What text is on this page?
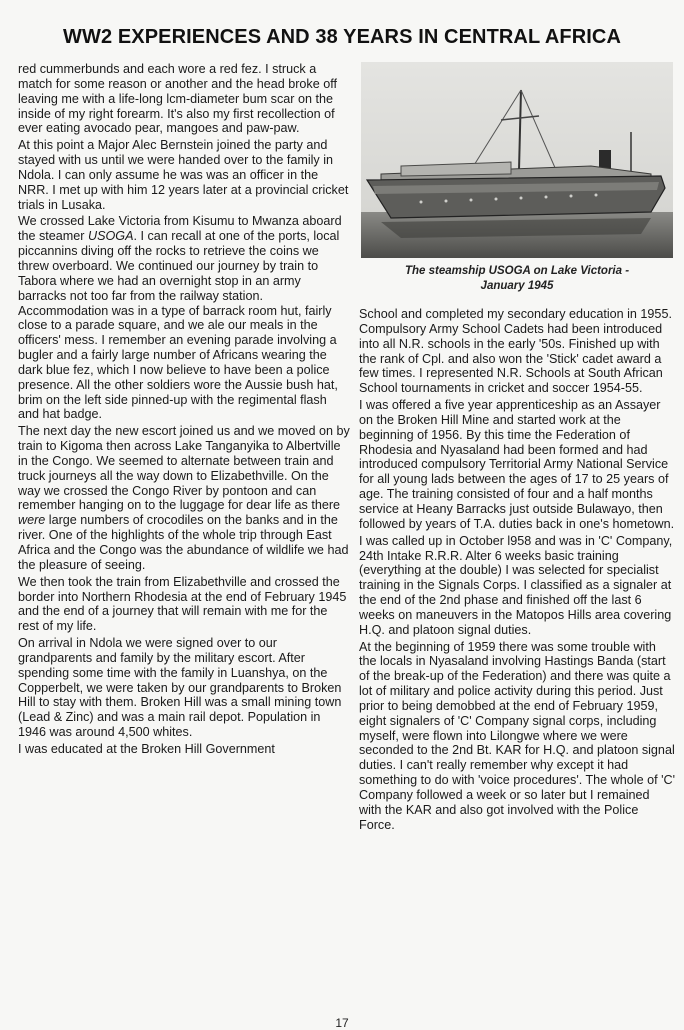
WW2 EXPERIENCES AND 38 YEARS IN CENTRAL AFRICA

red cummerbunds and each wore a red fez. I struck a match for some reason or another and the head broke off leaving me with a life-long lcm-diameter bum scar on the inside of my right forearm. It's also my first recollection of ever eating avocado pear, mangoes and paw-paw.

At this point a Major Alec Bernstein joined the party and stayed with us until we were handed over to the family in Ndola. I can only assume he was was an officer in the NRR. I met up with him 12 years later at a provincial cricket trials in Lusaka.

We crossed Lake Victoria from Kisumu to Mwanza aboard the steamer USOGA. I can recall at one of the ports, local piccannins diving off the rocks to retrieve the coins we threw overboard. We continued our journey by train to Tabora where we had an overnight stop in an army barracks not too far from the railway station. Accommodation was in a type of barrack room hut, fairly close to a parade square, and we ale our meals in the officers' mess. I remember an evening parade involving a bugler and a fairly large number of Africans wearing the dark blue fez, which I now believe to have been a police presence. All the other soldiers wore the Aussie bush hat, brim on the left side pinned-up with the regimental flash and hat badge.

The next day the new escort joined us and we moved on by train to Kigoma then across Lake Tanganyika to Albertville in the Congo. We seemed to alternate between train and truck journeys all the way down to Elizabethville. On the way we crossed the Congo River by pontoon and can remember hanging on to the luggage for dear life as there were large numbers of crocodiles on the banks and in the river. One of the highlights of the whole trip through East Africa and the Congo was the abundance of wildlife we had the pleasure of seeing.

We then took the train from Elizabethville and crossed the border into Northern Rhodesia at the end of February 1945 and the end of a journey that will remain with me for the rest of my life.

On arrival in Ndola we were signed over to our grandparents and family by the military escort. After spending some time with the family in Luanshya, on the Copperbelt, we were taken by our grandparents to Broken Hill to stay with them. Broken Hill was a small mining town (Lead & Zinc) and was a main rail depot. Population in 1946 was around 4,500 whites.

I was educated at the Broken Hill Government

The steamship USOGA on Lake Victoria -
January 1945

School and completed my secondary education in 1955. Compulsory Army School Cadets had been introduced into all N.R. schools in the early '50s. Finished up with the rank of Cpl. and also won the 'Stick' cadet award a few times. I represented N.R. Schools at South African School tournaments in cricket and soccer 1954-55.

I was offered a five year apprenticeship as an Assayer on the Broken Hill Mine and started work at the beginning of 1956. By this time the Federation of Rhodesia and Nyasaland had been formed and had introduced compulsory Territorial Army National Service for all young lads between the ages of 17 to 25 years of age. The training consisted of four and a half months service at Heany Barracks just outside Bulawayo, then followed by years of T.A. duties back in one's hometown.

I was called up in October l958 and was in 'C' Company, 24th Intake R.R.R. Alter 6 weeks basic training (everything at the double) I was selected for specialist training in the Signals Corps. I classified as a signaler at the end of the 2nd phase and finished off the last 6 weeks on maneuvers in the Matopos Hills area covering H.Q. and platoon signal duties.

At the beginning of 1959 there was some trouble with the locals in Nyasaland involving Hastings Banda (start of the break-up of the Federation) and there was quite a lot of military and police activity during this period. Just prior to being demobbed at the end of February 1959, eight signalers of 'C' Company signal corps, including myself, were flown into Lilongwe where we were seconded to the 2nd Bt. KAR for H.Q. and platoon signal duties. I can't really remember why except it had something to do with 'voice procedures'. The whole of 'C' Company followed a week or so later but I remained with the KAR and also got involved with the Police Force.

17
